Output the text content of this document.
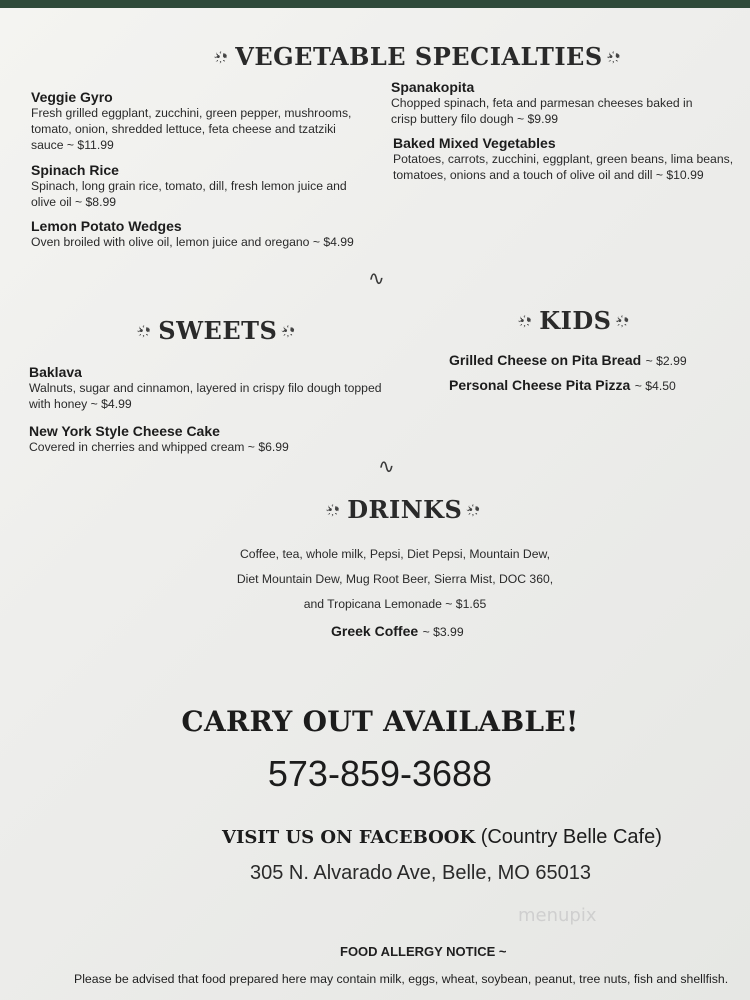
•҉• VEGETABLE SPECIALTIES •҉•
Veggie Gyro
Fresh grilled eggplant, zucchini, green pepper, mushrooms, tomato, onion, shredded lettuce, feta cheese and tzatziki sauce ~ $11.99
Spinach Rice
Spinach, long grain rice, tomato, dill, fresh lemon juice and olive oil ~ $8.99
Lemon Potato Wedges
Oven broiled with olive oil, lemon juice and oregano ~ $4.99
Spanakopita
Chopped spinach, feta and parmesan cheeses baked in crisp buttery filo dough ~ $9.99
Baked Mixed Vegetables
Potatoes, carrots, zucchini, eggplant, green beans, lima beans, tomatoes, onions and a touch of olive oil and dill ~ $10.99
∿
•҉• SWEETS •҉•
•҉• KIDS •҉•
Baklava
Walnuts, sugar and cinnamon, layered in crispy filo dough topped with honey ~ $4.99
New York Style Cheese Cake
Covered in cherries and whipped cream ~ $6.99
Grilled Cheese on Pita Bread ~ $2.99
Personal Cheese Pita Pizza ~ $4.50
∿
•҉• DRINKS •҉•
Coffee, tea, whole milk, Pepsi, Diet Pepsi, Mountain Dew,
Diet Mountain Dew, Mug Root Beer, Sierra Mist, DOC 360,
and Tropicana Lemonade ~ $1.65
Greek Coffee ~ $3.99
CARRY OUT AVAILABLE!
573-859-3688
VISIT US ON FACEBOOK (Country Belle Cafe)
305 N. Alvarado Ave, Belle, MO 65013
menupix
FOOD ALLERGY NOTICE ~
Please be advised that food prepared here may contain milk, eggs, wheat, soybean, peanut, tree nuts, fish and shellfish.
